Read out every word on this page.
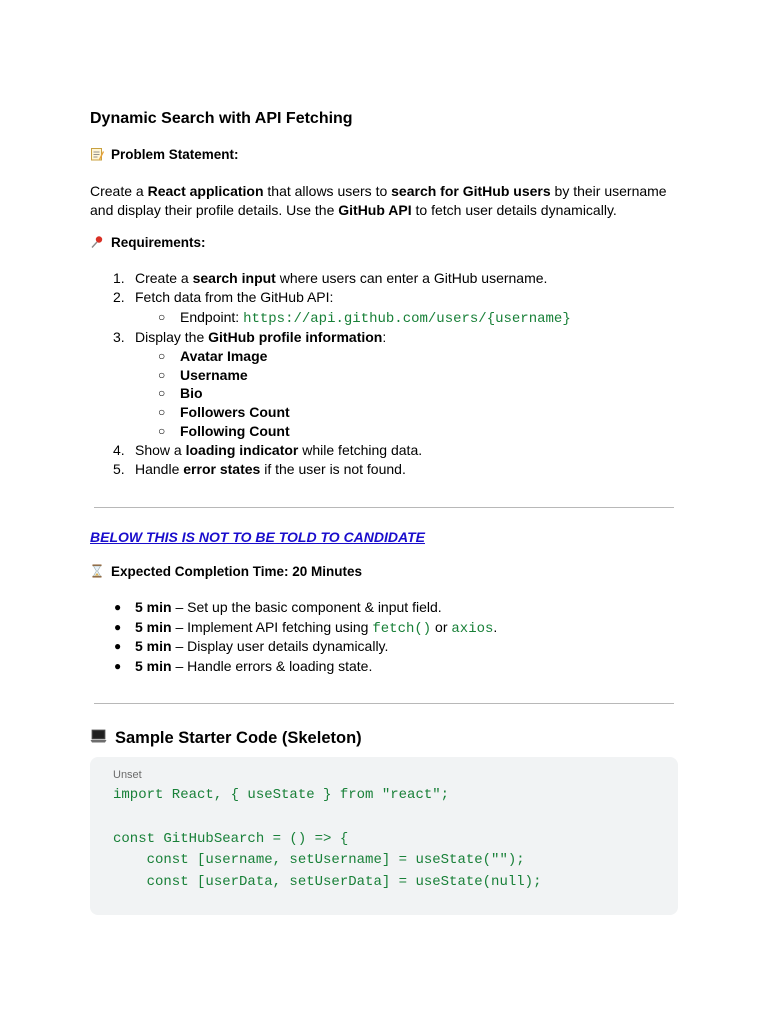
Dynamic Search with API Fetching
Problem Statement:
Create a React application that allows users to search for GitHub users by their username and display their profile details. Use the GitHub API to fetch user details dynamically.
Requirements:
1. Create a search input where users can enter a GitHub username.
2. Fetch data from the GitHub API:
○ Endpoint: https://api.github.com/users/{username}
3. Display the GitHub profile information:
○ Avatar Image
○ Username
○ Bio
○ Followers Count
○ Following Count
4. Show a loading indicator while fetching data.
5. Handle error states if the user is not found.
BELOW THIS IS NOT TO BE TOLD TO CANDIDATE
Expected Completion Time: 20 Minutes
● 5 min – Set up the basic component & input field.
● 5 min – Implement API fetching using fetch() or axios.
● 5 min – Display user details dynamically.
● 5 min – Handle errors & loading state.
Sample Starter Code (Skeleton)
Unset
import React, { useState } from "react";
const GitHubSearch = () => {
const [username, setUsername] = useState("");
const [userData, setUserData] = useState(null);
